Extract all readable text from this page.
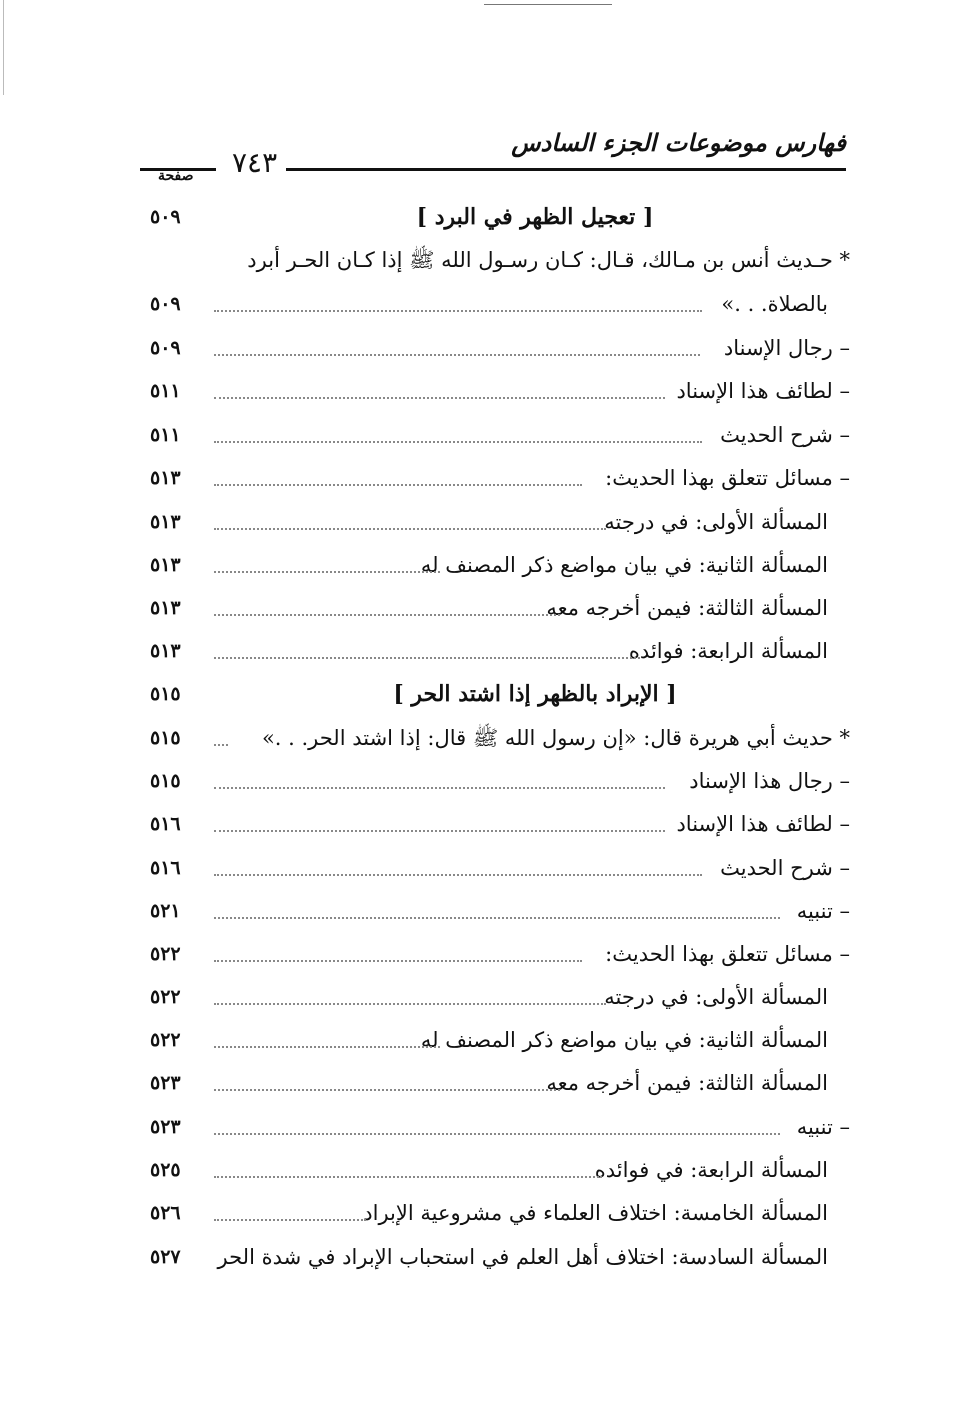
فهارس موضوعات الجزء السادس
٧٤٣
صفحة
[ تعجيل الظهر في البرد ]
٥٠٩
* حـديث أنس بن مـالك، قـال: كـان رسـول الله ﷺ إذا كـان الحـر أبرد
بالصلاة. . .»
٥٠٩
– رجال الإسناد
٥٠٩
– لطائف هذا الإسناد
٥١١
– شرح الحديث
٥١١
– مسائل تتعلق بهذا الحديث:
٥١٣
المسألة الأولى: في درجته
٥١٣
المسألة الثانية: في بيان مواضع ذكر المصنف له
٥١٣
المسألة الثالثة: فيمن أخرجه معه
٥١٣
المسألة الرابعة: فوائده
٥١٣
[ الإبراد بالظهر إذا اشتد الحر ]
٥١٥
* حديث أبي هريرة قال: «إن رسول الله ﷺ قال: إذا اشتد الحر. . .»
٥١٥
– رجال هذا الإسناد
٥١٥
– لطائف هذا الإسناد
٥١٦
– شرح الحديث
٥١٦
– تنبيه
٥٢١
– مسائل تتعلق بهذا الحديث:
٥٢٢
المسألة الأولى: في درجته
٥٢٢
المسألة الثانية: في بيان مواضع ذكر المصنف له
٥٢٢
المسألة الثالثة: فيمن أخرجه معه
٥٢٣
– تنبيه
٥٢٣
المسألة الرابعة: في فوائده
٥٢٥
المسألة الخامسة: اختلاف العلماء في مشروعية الإبراد
٥٢٦
المسألة السادسة: اختلاف أهل العلم في استحباب الإبراد في شدة الحر
٥٢٧
